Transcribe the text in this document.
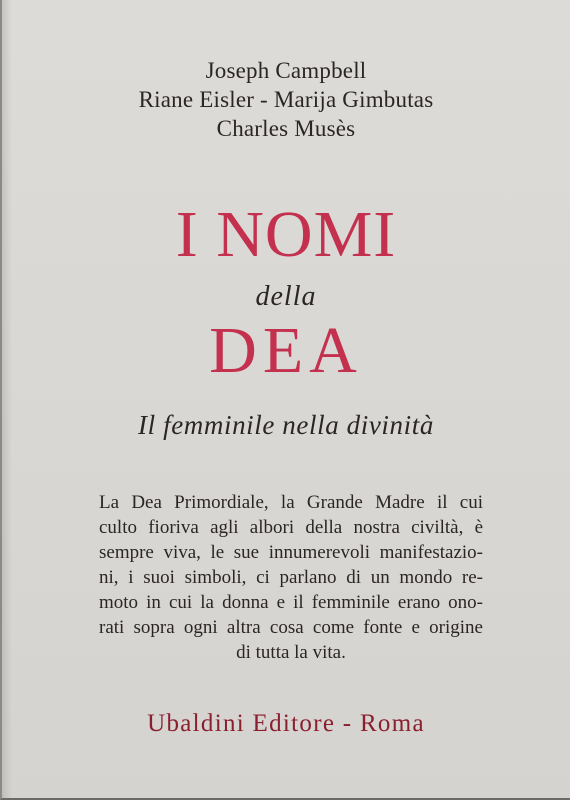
Joseph Campbell
Riane Eisler - Marija Gimbutas
Charles Musès
I NOMI
della
DEA
Il femminile nella divinità
La Dea Primordiale, la Grande Madre il cui
culto fioriva agli albori della nostra civiltà, è
sempre viva, le sue innumerevoli manifestazio-
ni, i suoi simboli, ci parlano di un mondo re-
moto in cui la donna e il femminile erano ono-
rati sopra ogni altra cosa come fonte e origine
di tutta la vita.
Ubaldini Editore - Roma
